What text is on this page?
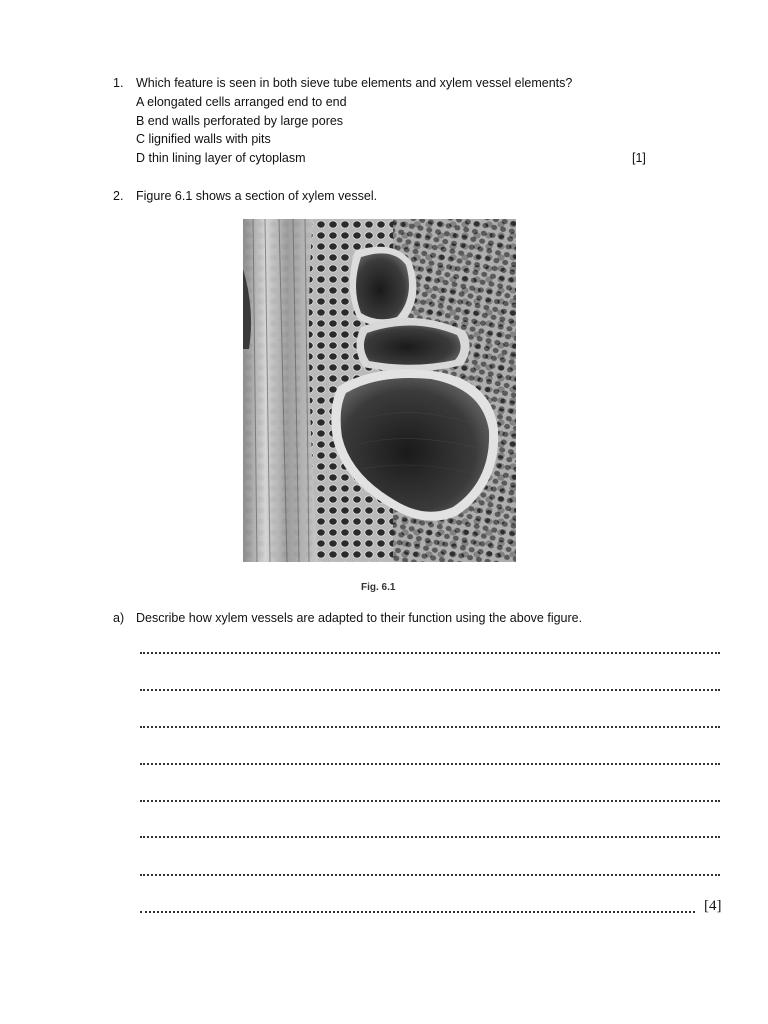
1. Which feature is seen in both sieve tube elements and xylem vessel elements?
A elongated cells arranged end to end
B end walls perforated by large pores
C lignified walls with pits
D thin lining layer of cytoplasm	[1]
2. Figure 6.1 shows a section of xylem vessel.
Fig. 6.1
a) Describe how xylem vessels are adapted to their function using the above figure.
[4]
